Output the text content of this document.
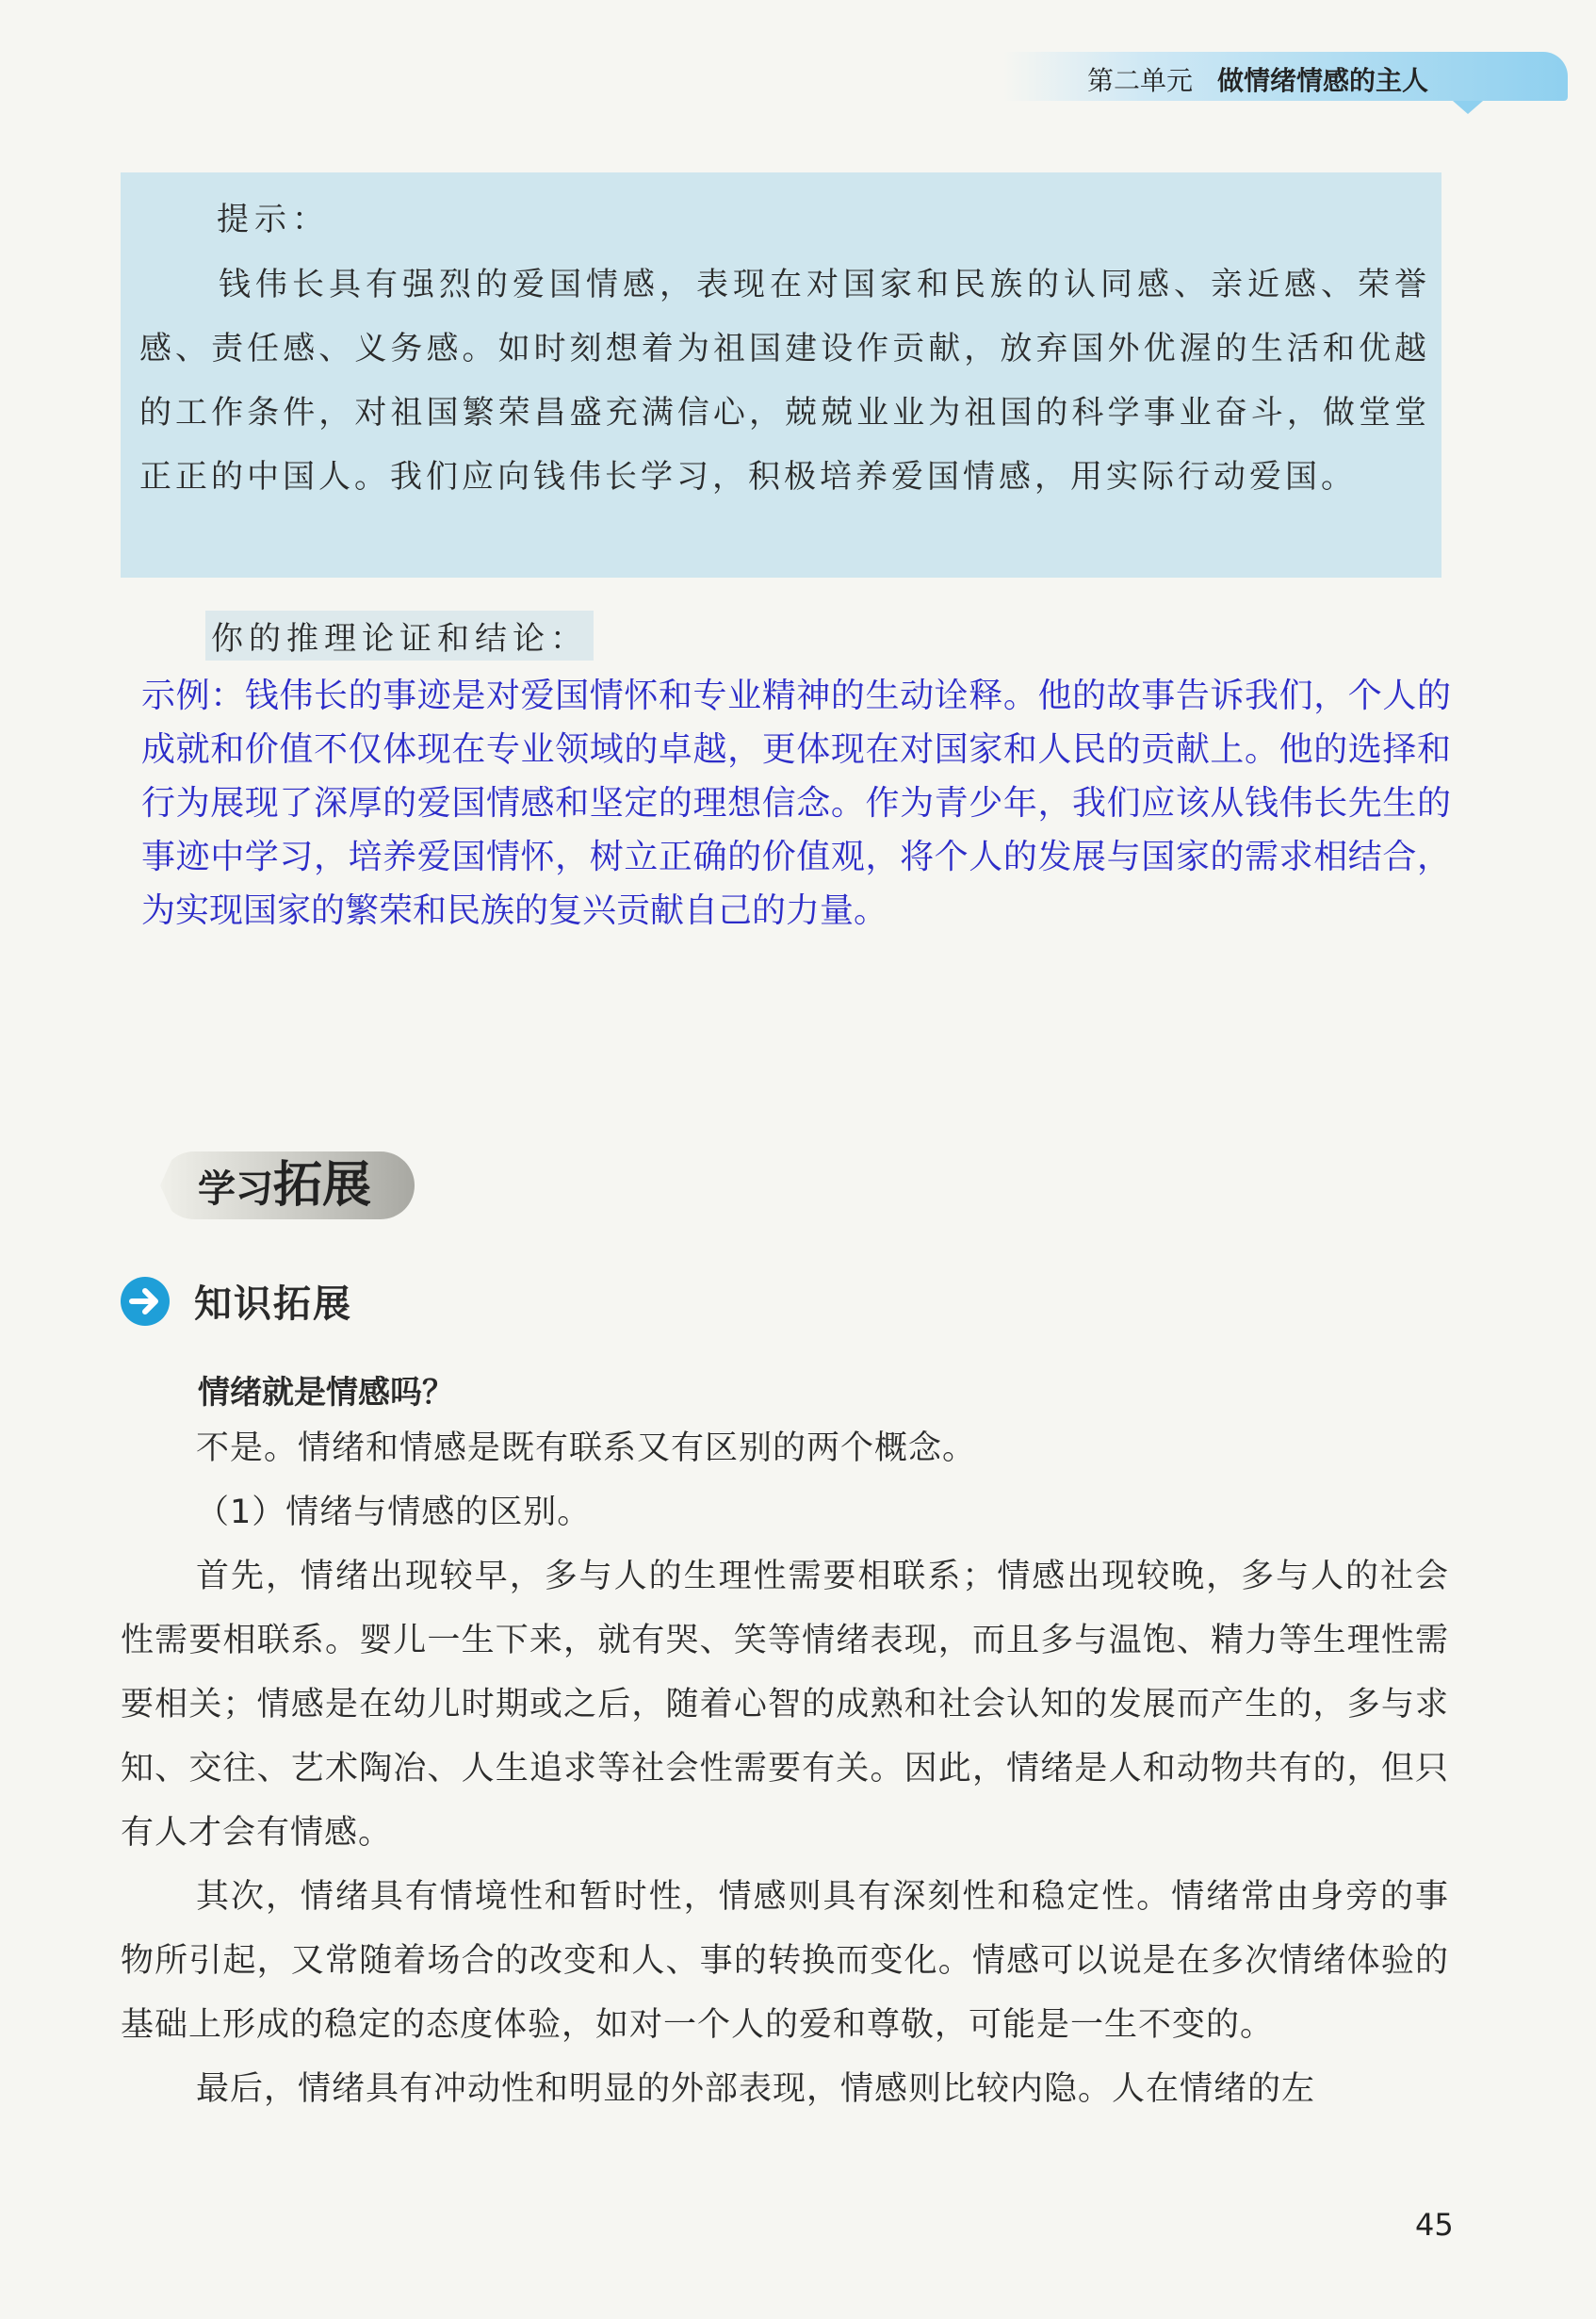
第二单元 做情绪情感的主人
提示：
钱伟长具有强烈的爱国情感，表现在对国家和民族的认同感、亲近感、荣誉感、责任感、义务感。如时刻想着为祖国建设作贡献，放弃国外优渥的生活和优越的工作条件，对祖国繁荣昌盛充满信心，兢兢业业为祖国的科学事业奋斗，做堂堂正正的中国人。我们应向钱伟长学习，积极培养爱国情感，用实际行动爱国。
你的推理论证和结论：
示例：钱伟长的事迹是对爱国情怀和专业精神的生动诠释。他的故事告诉我们，个人的成就和价值不仅体现在专业领域的卓越，更体现在对国家和人民的贡献上。他的选择和行为展现了深厚的爱国情感和坚定的理想信念。作为青少年，我们应该从钱伟长先生的事迹中学习，培养爱国情怀，树立正确的价值观，将个人的发展与国家的需求相结合，为实现国家的繁荣和民族的复兴贡献自己的力量。
学习拓展
知识拓展
情绪就是情感吗？

不是。情绪和情感是既有联系又有区别的两个概念。

（1）情绪与情感的区别。

首先，情绪出现较早，多与人的生理性需要相联系；情感出现较晚，多与人的社会性需要相联系。婴儿一生下来，就有哭、笑等情绪表现，而且多与温饱、精力等生理性需要相关；情感是在幼儿时期或之后，随着心智的成熟和社会认知的发展而产生的，多与求知、交往、艺术陶冶、人生追求等社会性需要有关。因此，情绪是人和动物共有的，但只有人才会有情感。

其次，情绪具有情境性和暂时性，情感则具有深刻性和稳定性。情绪常由身旁的事物所引起，又常随着场合的改变和人、事的转换而变化。情感可以说是在多次情绪体验的基础上形成的稳定的态度体验，如对一个人的爱和尊敬，可能是一生不变的。

最后，情绪具有冲动性和明显的外部表现，情感则比较内隐。人在情绪的左

45
